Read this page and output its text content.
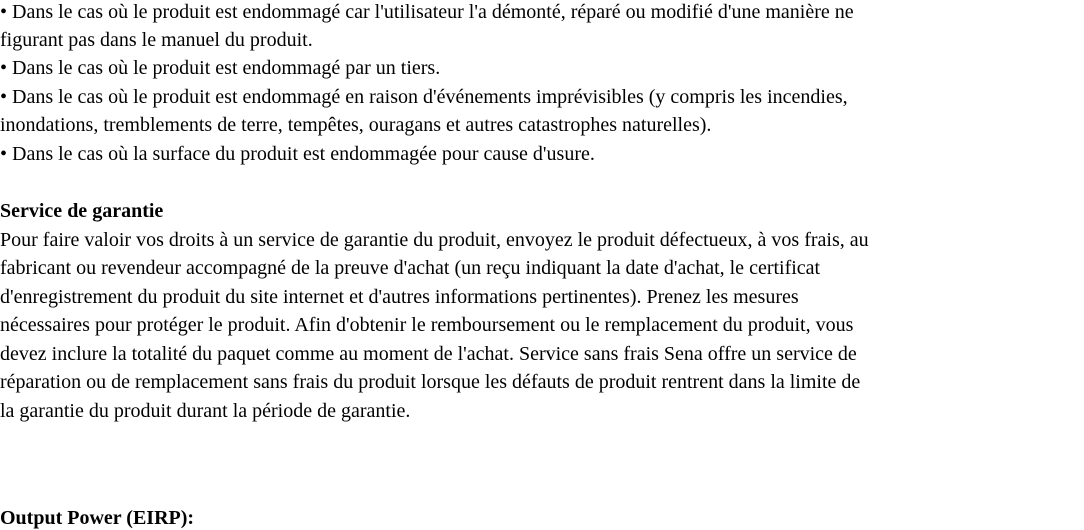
• Dans le cas où le produit est endommagé car l'utilisateur l'a démonté, réparé ou modifié d'une manière ne
figurant pas dans le manuel du produit.
• Dans le cas où le produit est endommagé par un tiers.
• Dans le cas où le produit est endommagé en raison d'événements imprévisibles (y compris les incendies,
inondations, tremblements de terre, tempêtes, ouragans et autres catastrophes naturelles).
• Dans le cas où la surface du produit est endommagée pour cause d'usure.
Service de garantie
Pour faire valoir vos droits à un service de garantie du produit, envoyez le produit défectueux, à vos frais, au
fabricant ou revendeur accompagné de la preuve d'achat (un reçu indiquant la date d'achat, le certificat
d'enregistrement du produit du site internet et d'autres informations pertinentes). Prenez les mesures
nécessaires pour protéger le produit. Afin d'obtenir le remboursement ou le remplacement du produit, vous
devez inclure la totalité du paquet comme au moment de l'achat. Service sans frais Sena offre un service de
réparation ou de remplacement sans frais du produit lorsque les défauts de produit rentrent dans la limite de
la garantie du produit durant la période de garantie.
Output Power (EIRP):
